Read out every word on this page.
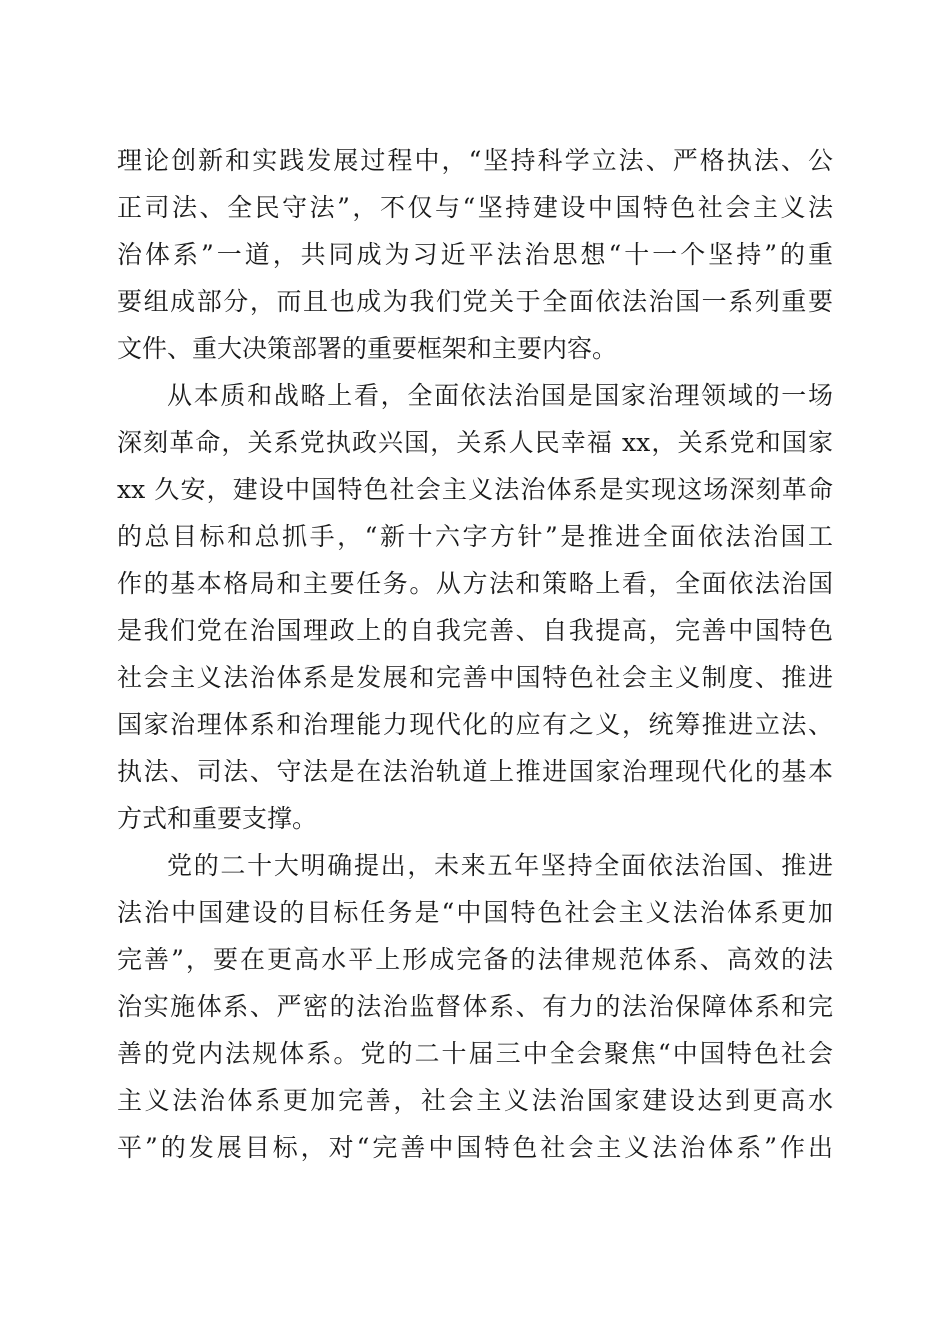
理论创新和实践发展过程中，“坚持科学立法、严格执法、公

正司法、全民守法”，不仅与“坚持建设中国特色社会主义法

治体系”一道，共同成为习近平法治思想“十一个坚持”的重

要组成部分，而且也成为我们党关于全面依法治国一系列重要

文件、重大决策部署的重要框架和主要内容。

从本质和战略上看，全面依法治国是国家治理领域的一场

深刻革命，关系党执政兴国，关系人民幸福 xx，关系党和国家

xx 久安，建设中国特色社会主义法治体系是实现这场深刻革命

的总目标和总抓手，“新十六字方针”是推进全面依法治国工

作的基本格局和主要任务。从方法和策略上看，全面依法治国

是我们党在治国理政上的自我完善、自我提高，完善中国特色

社会主义法治体系是发展和完善中国特色社会主义制度、推进

国家治理体系和治理能力现代化的应有之义，统筹推进立法、

执法、司法、守法是在法治轨道上推进国家治理现代化的基本

方式和重要支撑。

党的二十大明确提出，未来五年坚持全面依法治国、推进

法治中国建设的目标任务是“中国特色社会主义法治体系更加

完善”，要在更高水平上形成完备的法律规范体系、高效的法

治实施体系、严密的法治监督体系、有力的法治保障体系和完

善的党内法规体系。党的二十届三中全会聚焦“中国特色社会

主义法治体系更加完善，社会主义法治国家建设达到更高水

平”的发展目标，对“完善中国特色社会主义法治体系”作出
